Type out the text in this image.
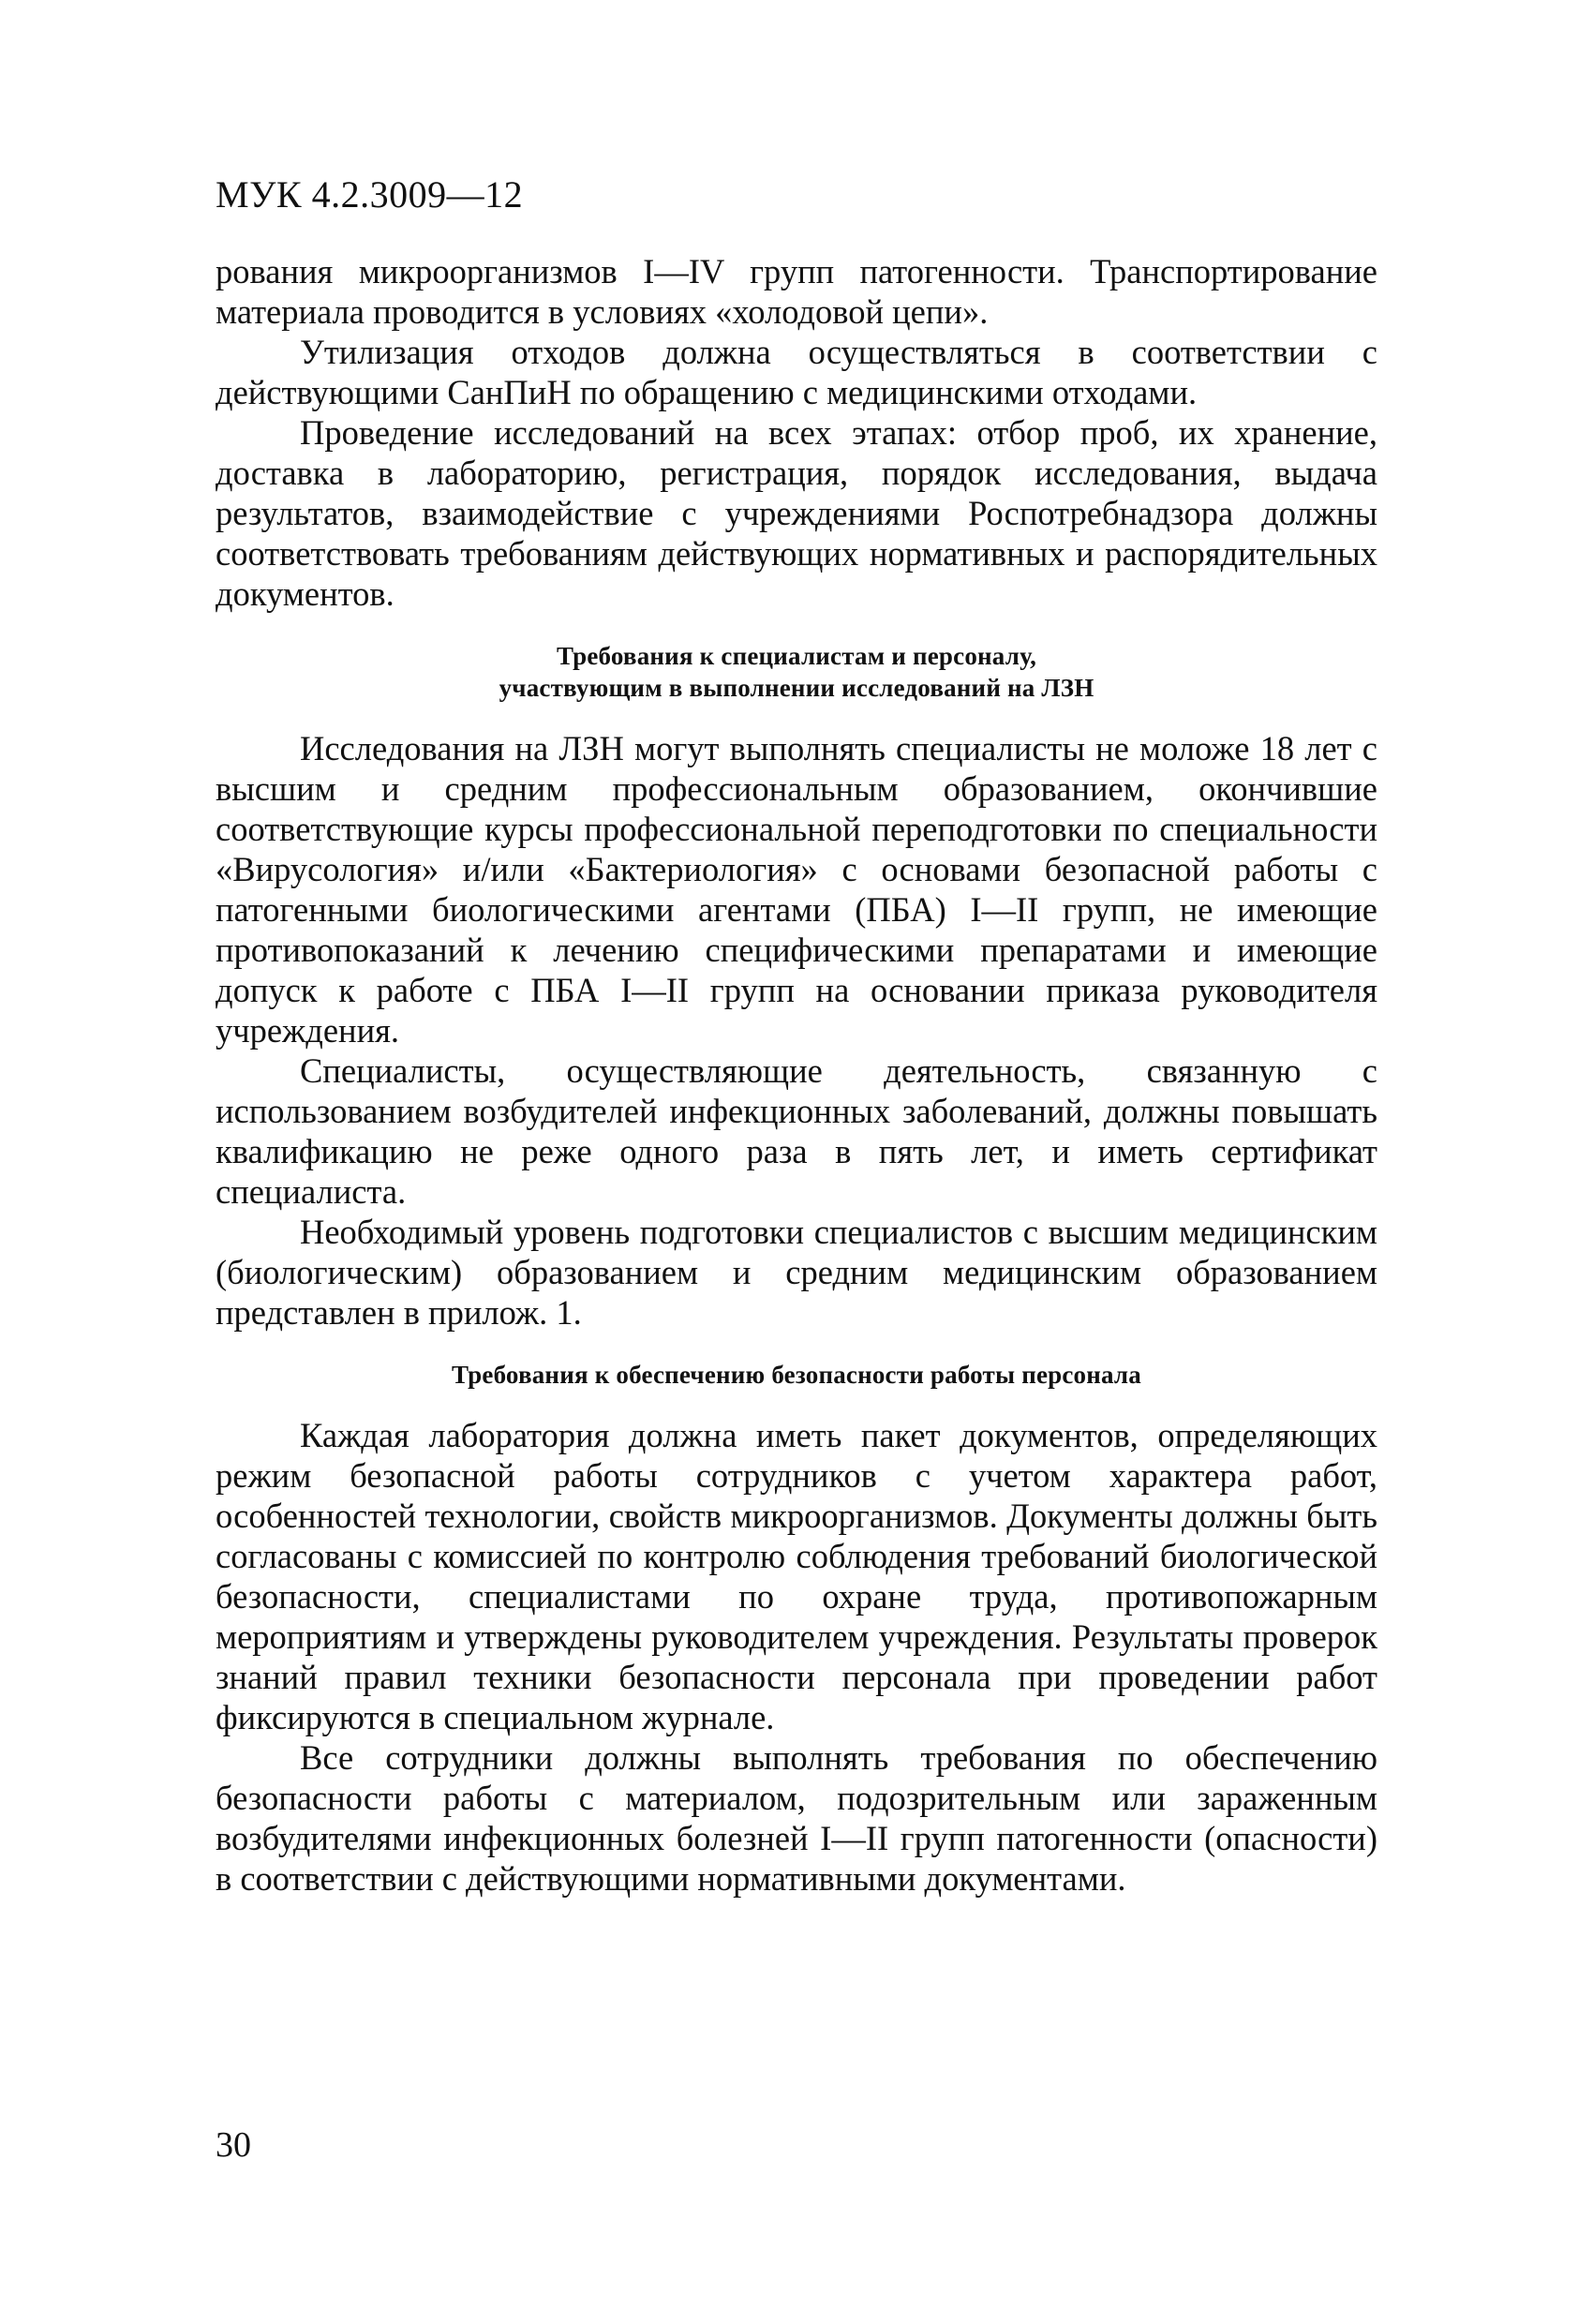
МУК 4.2.3009—12

рования микроорганизмов I—IV групп патогенности. Транспортирование материала проводится в условиях «холодовой цепи».

Утилизация отходов должна осуществляться в соответствии с действующими СанПиН по обращению с медицинскими отходами.

Проведение исследований на всех этапах: отбор проб, их хранение, доставка в лабораторию, регистрация, порядок исследования, выдача результатов, взаимодействие с учреждениями Роспотребнадзора должны соответствовать требованиям действующих нормативных и распорядительных документов.

Требования к специалистам и персоналу,
участвующим в выполнении исследований на ЛЗН

Исследования на ЛЗН могут выполнять специалисты не моложе 18 лет с высшим и средним профессиональным образованием, окончившие соответствующие курсы профессиональной переподготовки по специальности «Вирусология» и/или «Бактериология» с основами безопасной работы с патогенными биологическими агентами (ПБА) I—II групп, не имеющие противопоказаний к лечению специфическими препаратами и имеющие допуск к работе с ПБА I—II групп на основании приказа руководителя учреждения.

Специалисты, осуществляющие деятельность, связанную с использованием возбудителей инфекционных заболеваний, должны повышать квалификацию не реже одного раза в пять лет, и иметь сертификат специалиста.

Необходимый уровень подготовки специалистов с высшим медицинским (биологическим) образованием и средним медицинским образованием представлен в прилож. 1.

Требования к обеспечению безопасности работы персонала

Каждая лаборатория должна иметь пакет документов, определяющих режим безопасной работы сотрудников с учетом характера работ, особенностей технологии, свойств микроорганизмов. Документы должны быть согласованы с комиссией по контролю соблюдения требований биологической безопасности, специалистами по охране труда, противопожарным мероприятиям и утверждены руководителем учреждения. Результаты проверок знаний правил техники безопасности персонала при проведении работ фиксируются в специальном журнале.

Все сотрудники должны выполнять требования по обеспечению безопасности работы с материалом, подозрительным или зараженным возбудителями инфекционных болезней I—II групп патогенности (опасности) в соответствии с действующими нормативными документами.

30
